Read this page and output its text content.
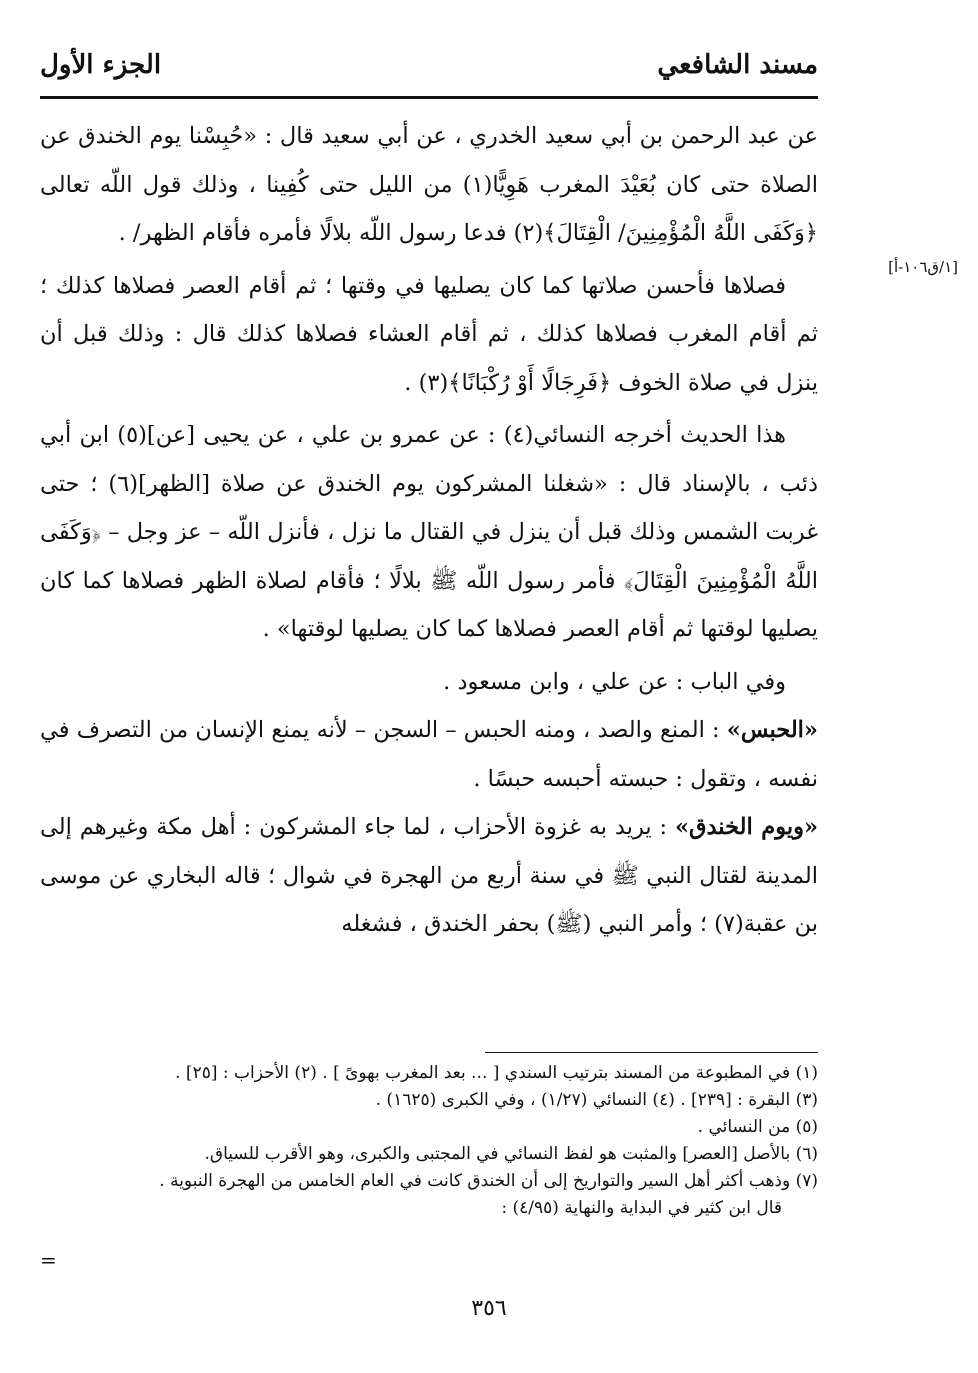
مسند الشافعي
الجزء الأول
[١/ق١٠٦-أ]

عن عبد الرحمن بن أبي سعيد الخدري ، عن أبي سعيد قال : «حُبِسْنا يوم الخندق عن الصلاة حتى كان بُعَيْدَ المغرب هَوِيًّا(١) من الليل حتى كُفِينا ، وذلك قول اللّه تعالى ﴿وَكَفَى اللَّهُ الْمُؤْمِنِينَ/ الْقِتَالَ﴾(٢) فدعا رسول اللّه بلالًا فأمره فأقام الظهر/ .

فصلاها فأحسن صلاتها كما كان يصليها في وقتها ؛ ثم أقام العصر فصلاها كذلك ؛ ثم أقام المغرب فصلاها كذلك ، ثم أقام العشاء فصلاها كذلك قال : وذلك قبل أن ينزل في صلاة الخوف ﴿فَرِجَالًا أَوْ رُكْبَانًا﴾(٣) .

هذا الحديث أخرجه النسائي(٤) : عن عمرو بن علي ، عن يحيى [عن](٥) ابن أبي ذئب ، بالإسناد قال : «شغلنا المشركون يوم الخندق عن صلاة [الظهر](٦) ؛ حتى غربت الشمس وذلك قبل أن ينزل في القتال ما نزل ، فأنزل اللّه – عز وجل – ﴿وَكَفَى اللَّهُ الْمُؤْمِنِينَ الْقِتَالَ﴾ فأمر رسول اللّه ﷺ بلالًا ؛ فأقام لصلاة الظهر فصلاها كما كان يصليها لوقتها ثم أقام العصر فصلاها كما كان يصليها لوقتها» .

وفي الباب : عن علي ، وابن مسعود .

«الحبس» : المنع والصد ، ومنه الحبس – السجن – لأنه يمنع الإنسان من التصرف في نفسه ، وتقول : حبسته أحبسه حبسًا .

«ويوم الخندق» : يريد به غزوة الأحزاب ، لما جاء المشركون : أهل مكة وغيرهم إلى المدينة لقتال النبي ﷺ في سنة أربع من الهجرة في شوال ؛ قاله البخاري عن موسى بن عقبة(٧) ؛ وأمر النبي (ﷺ) بحفر الخندق ، فشغله

(١) في المطبوعة من المسند بترتيب السندي [ ... بعد المغرب بهوىً ] . (٢) الأحزاب : [٢٥] .

(٣) البقرة : [٢٣٩] . (٤) النسائي (١/٢٧) ، وفي الكبرى (١٦٢٥) .

(٥) من النسائي .

(٦) بالأصل [العصر] والمثبت هو لفظ النسائي في المجتبى والكبرى، وهو الأقرب للسياق.

(٧) وذهب أكثر أهل السير والتواريخ إلى أن الخندق كانت في العام الخامس من الهجرة النبوية .

قال ابن كثير في البداية والنهاية (٤/٩٥) :

=
٣٥٦
